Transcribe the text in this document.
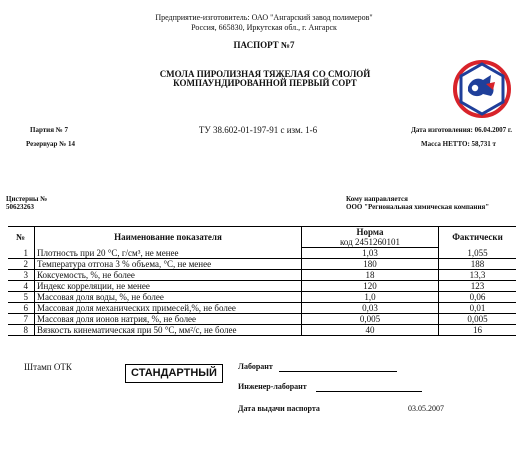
Предприятие-изготовитель: ОАО "Ангарский завод полимеров"
Россия, 665830, Иркутская обл., г. Ангарск
ПАСПОРТ №7
СМОЛА ПИРОЛИЗНАЯ ТЯЖЕЛАЯ СО СМОЛОЙ
КОМПАУНДИРОВАННОЙ ПЕРВЫЙ СОРТ
Партия № 7	ТУ 38.602-01-197-91 с изм. 1-6	Дата изготовления: 06.04.2007 г.
Резервуар № 14	Масса НЕТТО: 58,731 т
Цистерны №
50623263
Кому направляется
ООО "Региональная химическая компания"
№	Наименование показателя	Норма	Фактически
		код 2451260101	
1	Плотность при 20 °С, г/см³, не менее	1,03	1,055
2	Температура отгона 3 % объема, °С, не менее	180	188
3	Коксуемость, %, не более	18	13,3
4	Индекс корреляции, не менее	120	123
5	Массовая доля воды, %, не более	1,0	0,06
6	Массовая доля механических примесей,%, не более	0,03	0,01
7	Массовая доля ионов натрия, %, не более	0,005	0,005
8	Вязкость кинематическая при 50 °С, мм²/с, не более	40	16
Штамп ОТК	СТАНДАРТНЫЙ
Лаборант
Инженер-лаборант
Дата выдачи паспорта	03.05.2007
